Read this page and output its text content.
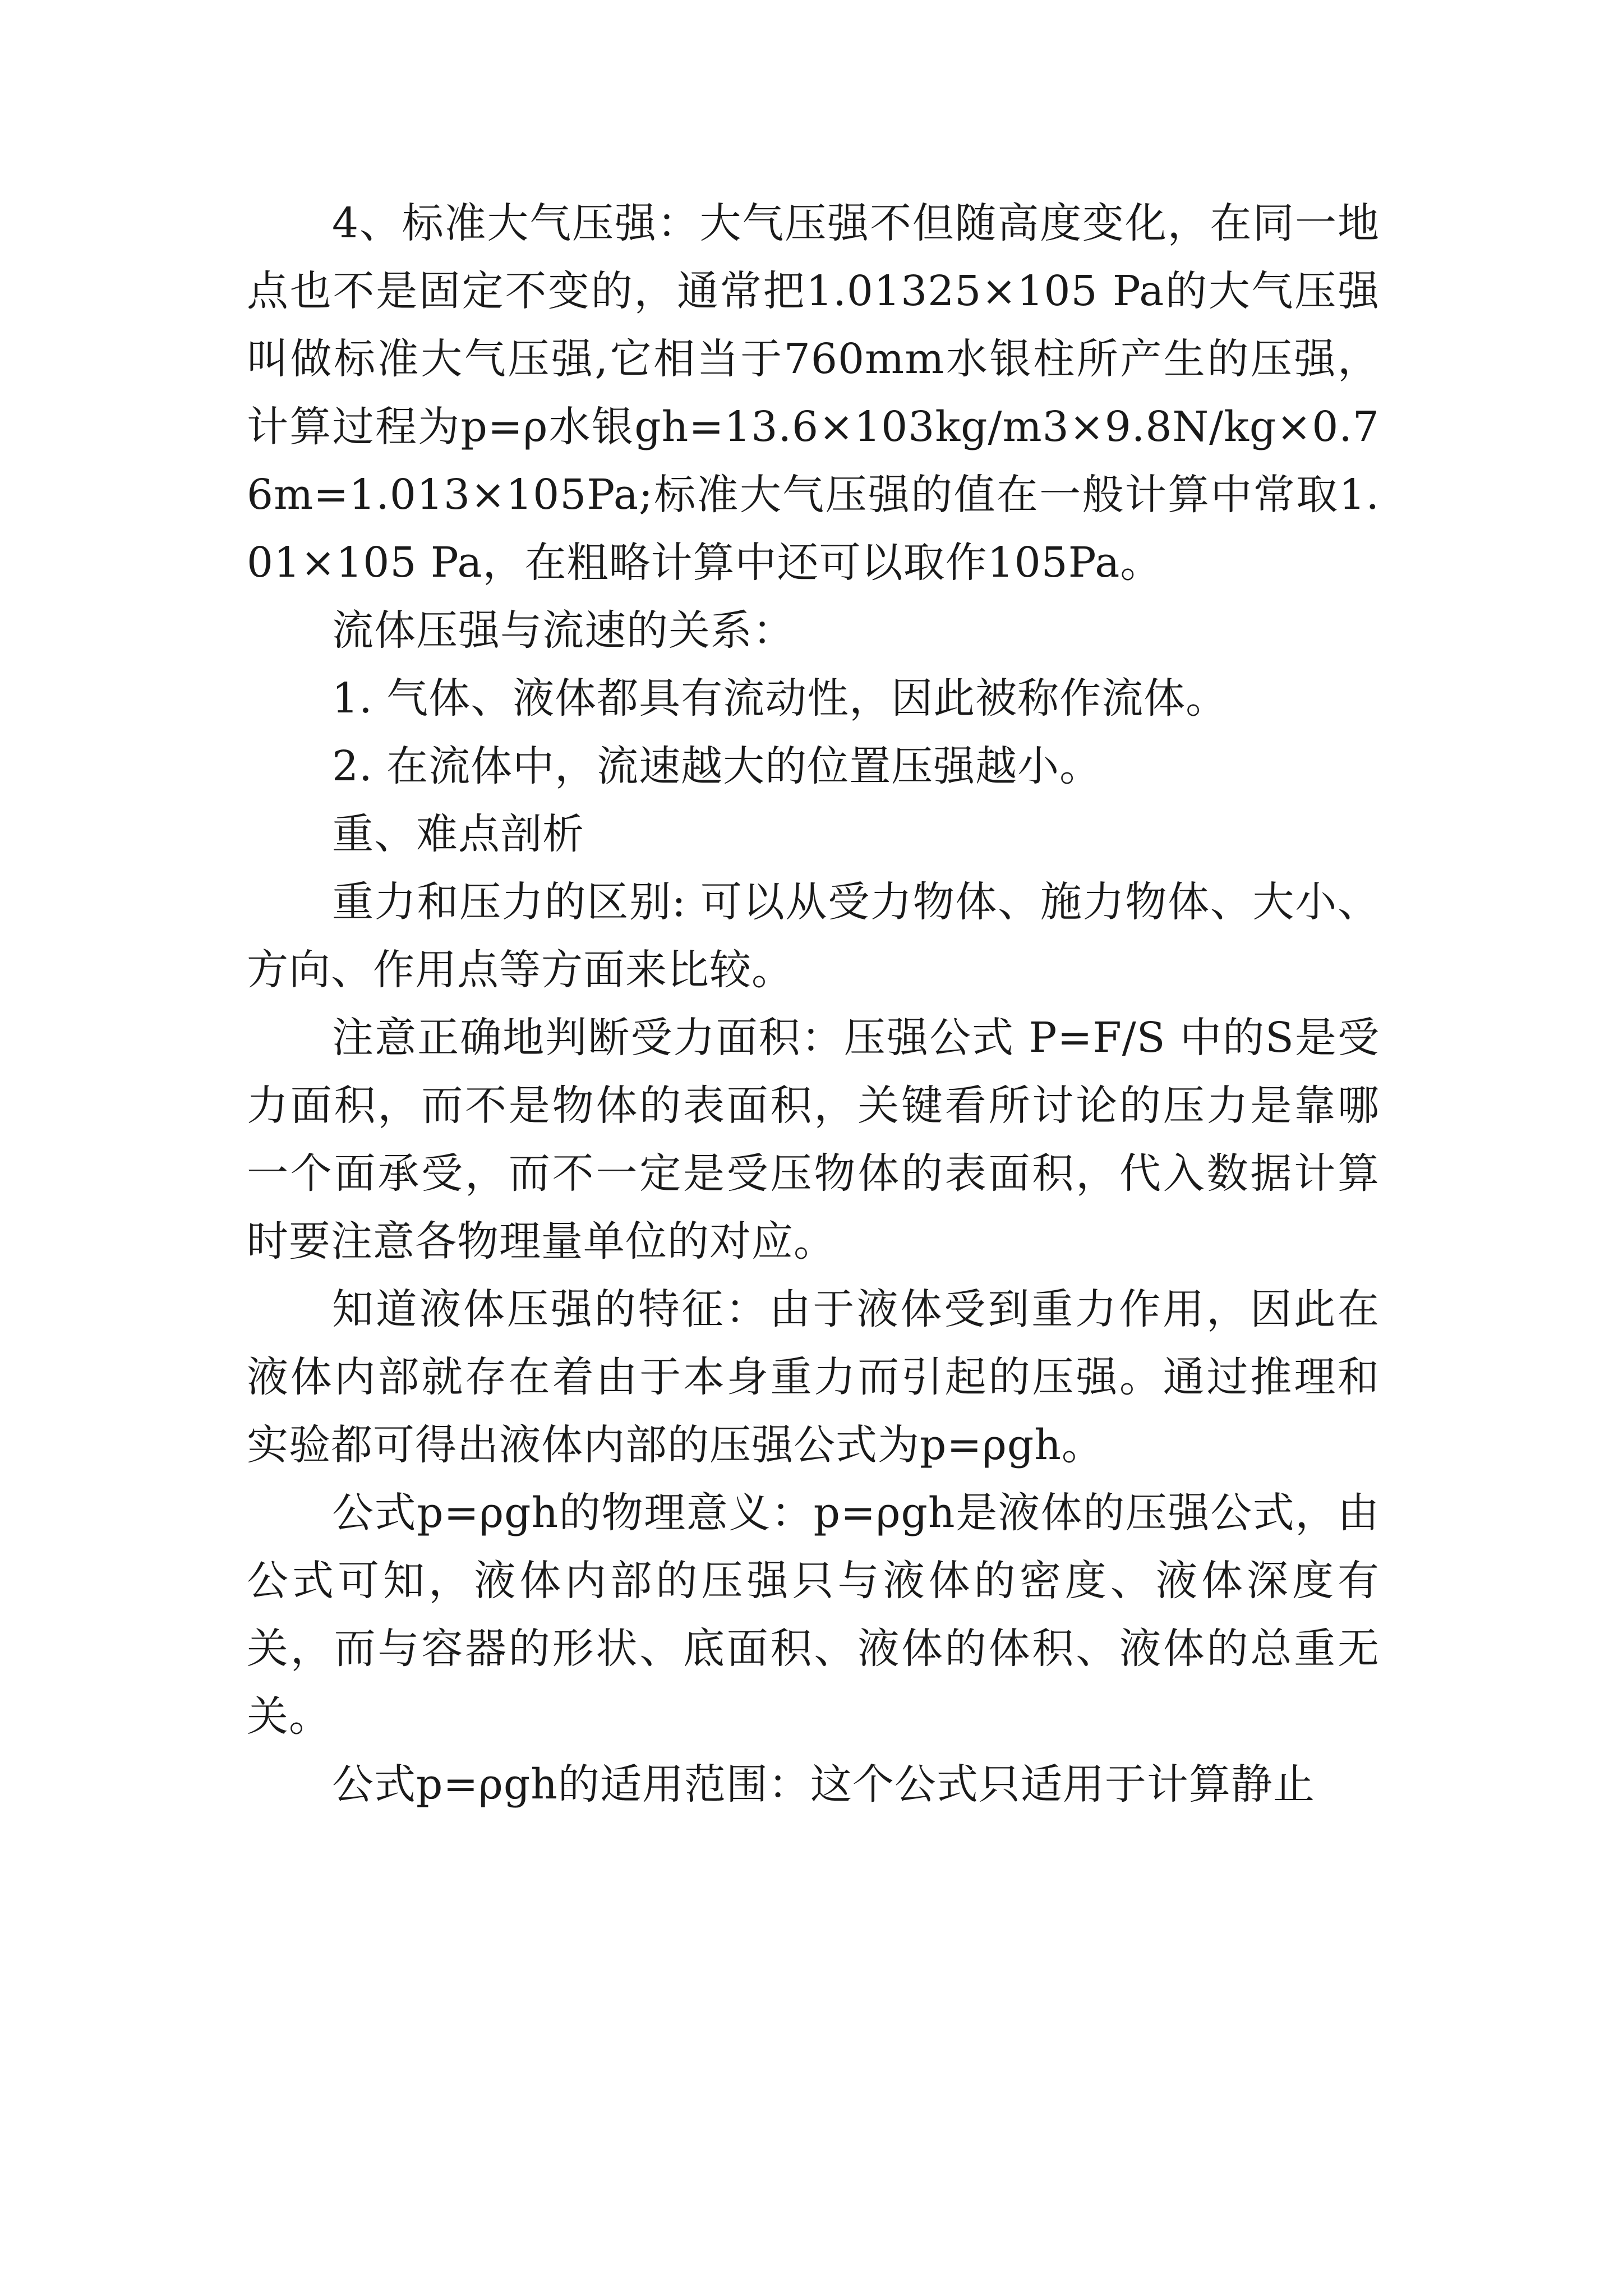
4、标准大气压强：大气压强不但随高度变化，在同一地点也不是固定不变的，通常把1.01325×105 Pa的大气压强叫做标准大气压强,它相当于760mm水银柱所产生的压强，计算过程为p=ρ水银gh=13.6×103kg/m3×9.8N/kg×0.76m=1.013×105Pa;标准大气压强的值在一般计算中常取1.01×105 Pa，在粗略计算中还可以取作105Pa。

流体压强与流速的关系：

1. 气体、液体都具有流动性，因此被称作流体。

2. 在流体中，流速越大的位置压强越小。

重、难点剖析

重力和压力的区别: 可以从受力物体、施力物体、大小、方向、作用点等方面来比较。

注意正确地判断受力面积：压强公式 P=F/S 中的S是受力面积，而不是物体的表面积，关键看所讨论的压力是靠哪一个面承受，而不一定是受压物体的表面积，代入数据计算时要注意各物理量单位的对应。

知道液体压强的特征：由于液体受到重力作用，因此在液体内部就存在着由于本身重力而引起的压强。通过推理和实验都可得出液体内部的压强公式为p=ρgh。

公式p=ρgh的物理意义：p=ρgh是液体的压强公式，由公式可知，液体内部的压强只与液体的密度、液体深度有关，而与容器的形状、底面积、液体的体积、液体的总重无关。

公式p=ρgh的适用范围：这个公式只适用于计算静止
